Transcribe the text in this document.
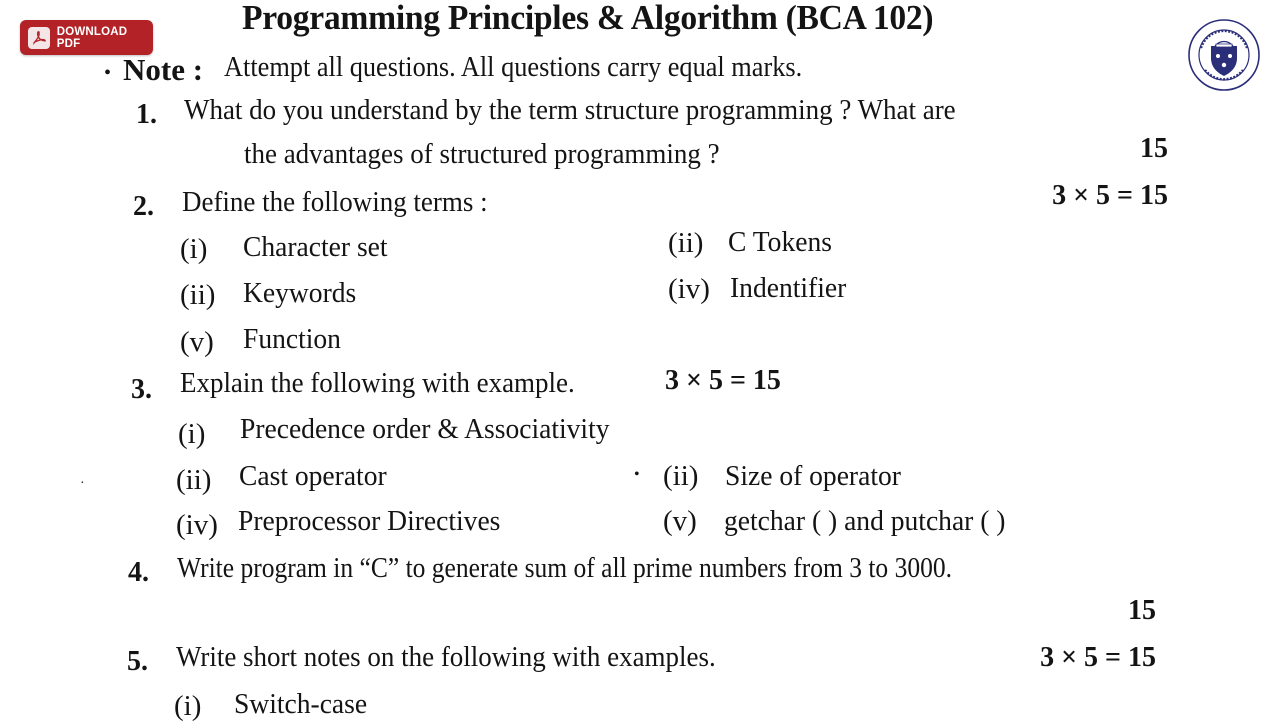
DOWNLOAD PDF
Programming Principles & Algorithm (BCA 102)
• Note : Attempt all questions. All questions carry equal marks.
1. What do you understand by the term structure programming ? What are
the advantages of structured programming ?	15
2. Define the following terms :	3 × 5 = 15
(i) Character set	(ii) C Tokens
(ii) Keywords	(iv) Indentifier
(v) Function
3. Explain the following with example.	3 × 5 = 15
(i) Precedence order & Associativity
(ii) Cast operator	• (ii) Size of operator
(iv) Preprocessor Directives	(v) getchar ( ) and putchar ( )
·
4. Write program in “C” to generate sum of all prime numbers from 3 to 3000.
15
5. Write short notes on the following with examples.	3 × 5 = 15
(i) Switch-case
